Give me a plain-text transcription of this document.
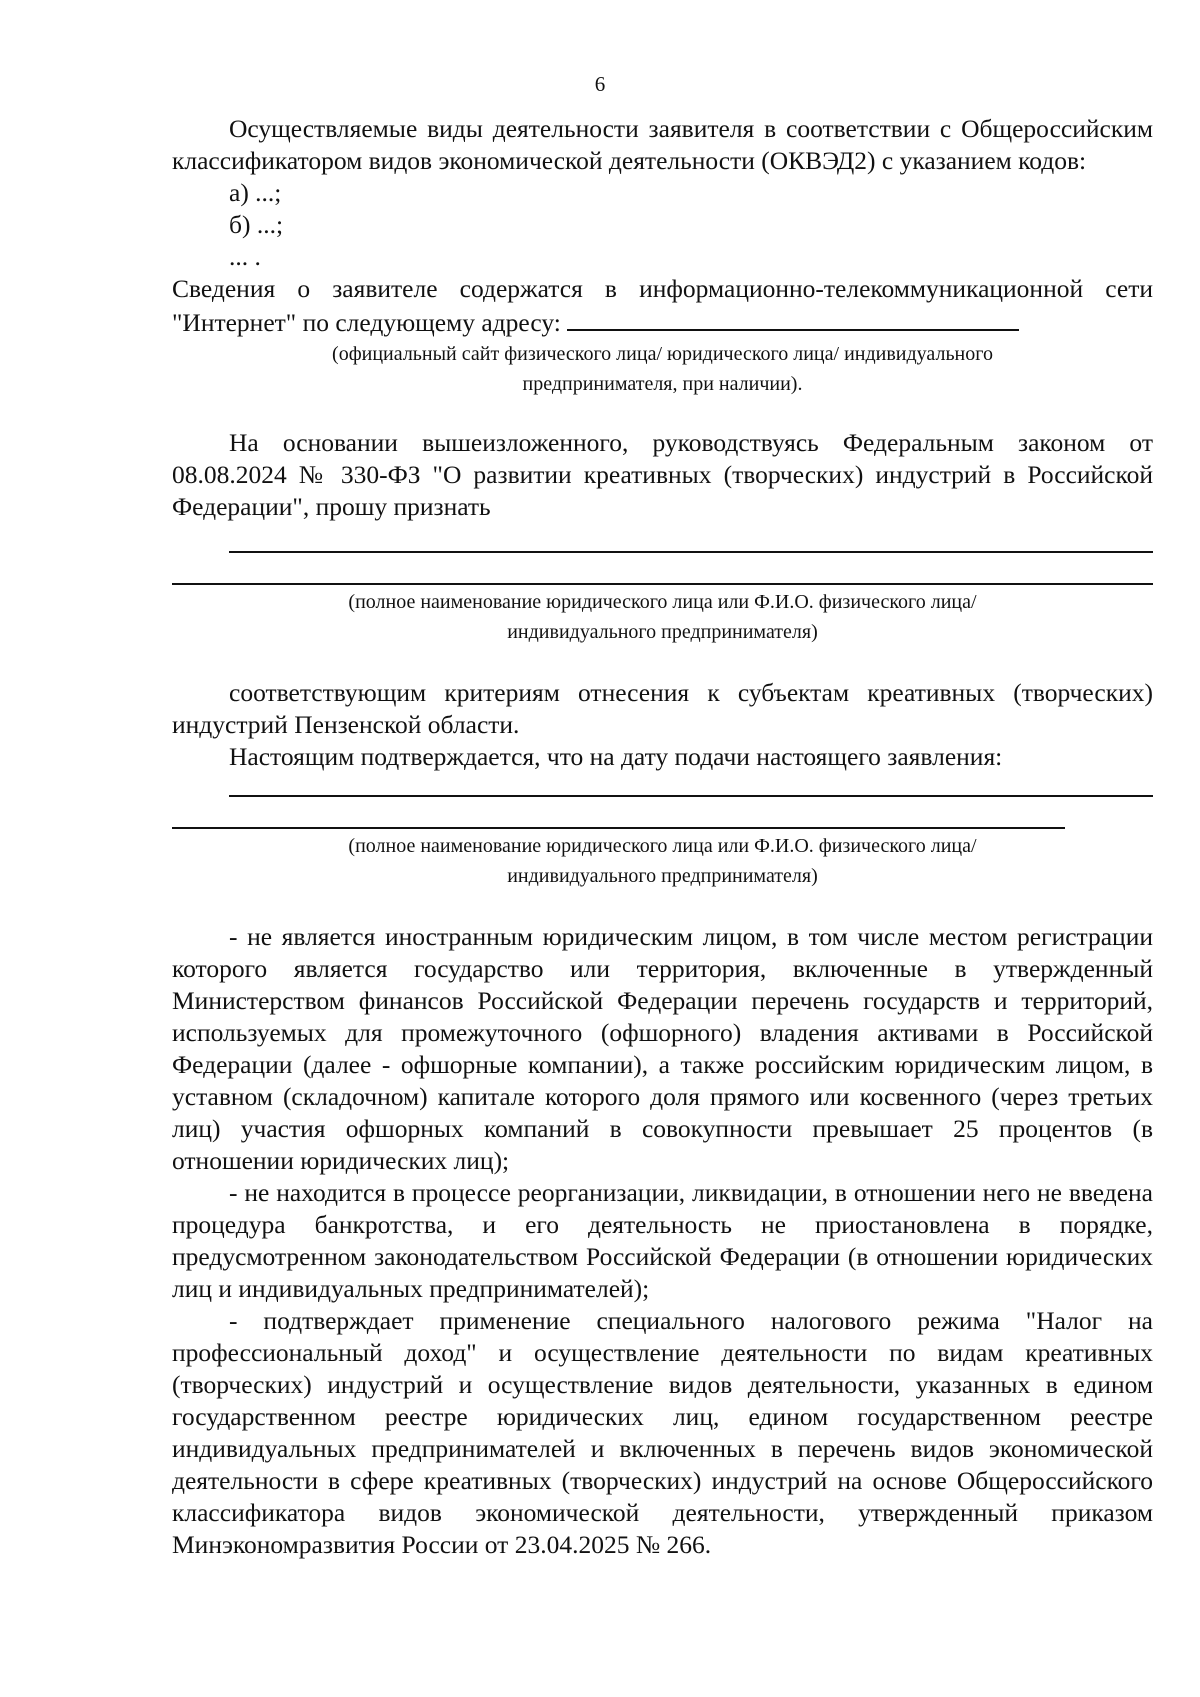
6

Осуществляемые виды деятельности заявителя в соответствии с Общероссийским классификатором видов экономической деятельности (ОКВЭД2) с указанием кодов:

а) ...;

б) ...;

... .

Сведения о заявителе содержатся в информационно-телекоммуникационной сети "Интернет" по следующему адресу:

(официальный сайт физического лица/ юридического лица/ индивидуального

предпринимателя, при наличии).

На основании вышеизложенного, руководствуясь Федеральным законом от 08.08.2024 № 330-ФЗ "О развитии креативных (творческих) индустрий в Российской Федерации", прошу признать

(полное наименование юридического лица или Ф.И.О. физического лица/

индивидуального предпринимателя)

соответствующим критериям отнесения к субъектам креативных (творческих) индустрий Пензенской области.

Настоящим подтверждается, что на дату подачи настоящего заявления:

(полное наименование юридического лица или Ф.И.О. физического лица/

индивидуального предпринимателя)

- не является иностранным юридическим лицом, в том числе местом регистрации которого является государство или территория, включенные в утвержденный Министерством финансов Российской Федерации перечень государств и территорий, используемых для промежуточного (офшорного) владения активами в Российской Федерации (далее - офшорные компании), а также российским юридическим лицом, в уставном (складочном) капитале которого доля прямого или косвенного (через третьих лиц) участия офшорных компаний в совокупности превышает 25 процентов (в отношении юридических лиц);

- не находится в процессе реорганизации, ликвидации, в отношении него не введена процедура банкротства, и его деятельность не приостановлена в порядке, предусмотренном законодательством Российской Федерации (в отношении юридических лиц и индивидуальных предпринимателей);

- подтверждает применение специального налогового режима "Налог на профессиональный доход" и осуществление деятельности по видам креативных (творческих) индустрий и осуществление видов деятельности, указанных в едином государственном реестре юридических лиц, едином государственном реестре индивидуальных предпринимателей и включенных в перечень видов экономической деятельности в сфере креативных (творческих) индустрий на основе Общероссийского классификатора видов экономической деятельности, утвержденный приказом Минэкономразвития России от 23.04.2025 № 266.
